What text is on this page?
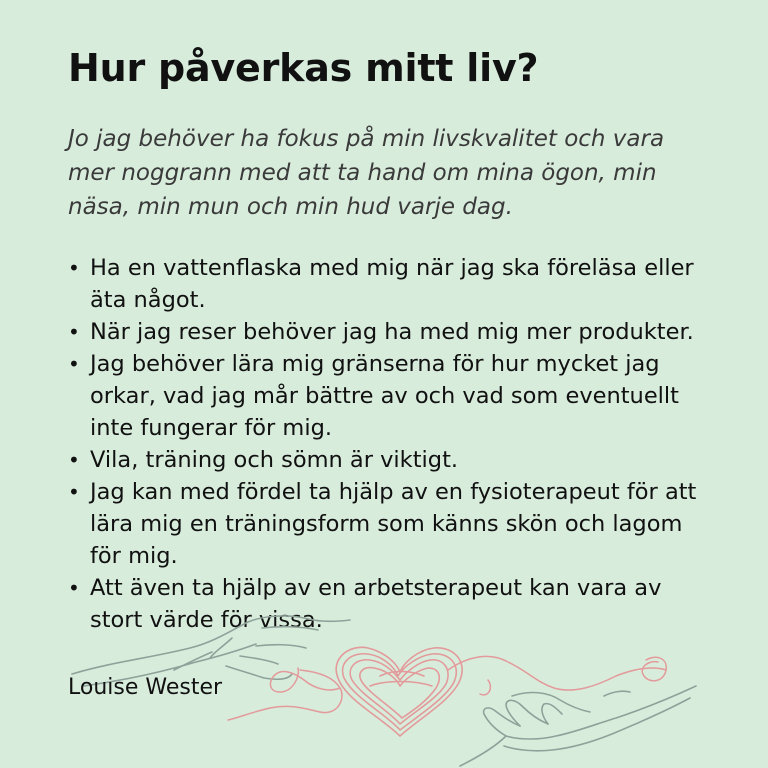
Hur påverkas mitt liv?

Jo jag behöver ha fokus på min livskvalitet och vara mer noggrann med att ta hand om mina ögon, min näsa, min mun och min hud varje dag.

• Ha en vattenflaska med mig när jag ska föreläsa eller äta något.
• När jag reser behöver jag ha med mig mer produkter.
• Jag behöver lära mig gränserna för hur mycket jag orkar, vad jag mår bättre av och vad som eventuellt inte fungerar för mig.
• Vila, träning och sömn är viktigt.
• Jag kan med fördel ta hjälp av en fysioterapeut för att lära mig en träningsform som känns skön och lagom för mig.
• Att även ta hjälp av en arbetsterapeut kan vara av stort värde för vissa.
Louise Wester
